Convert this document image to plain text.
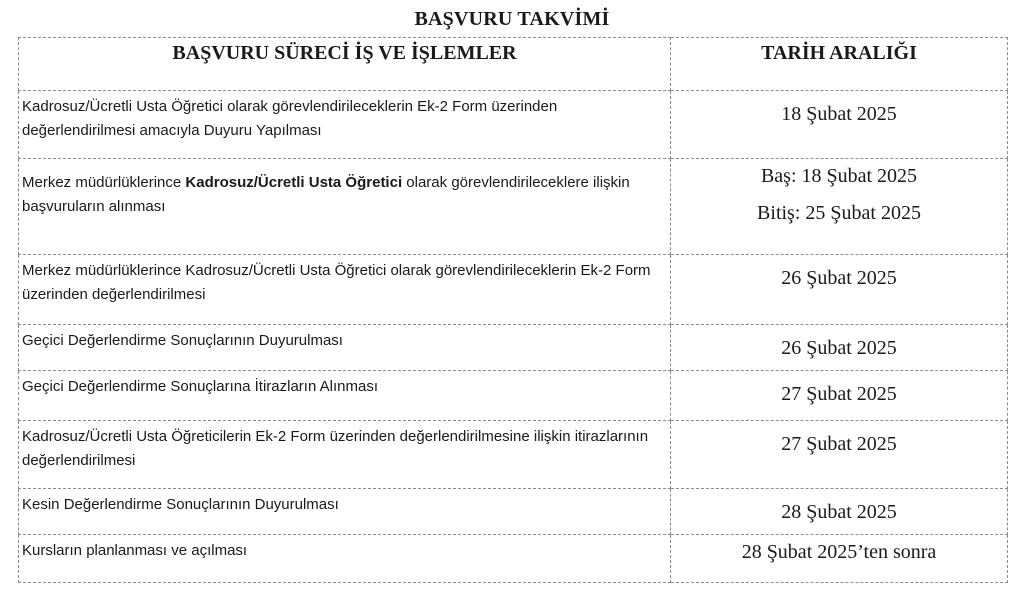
BAŞVURU TAKVİMİ
BAŞVURU SÜRECİ İŞ VE İŞLEMLER	TARİH ARALIĞI
Kadrosuz/Ücretli Usta Öğretici olarak görevlendirileceklerin Ek-2 Form üzerinden değerlendirilmesi amacıyla Duyuru Yapılması	18 Şubat 2025
Merkez müdürlüklerince Kadrosuz/Ücretli Usta Öğretici olarak görevlendirileceklere ilişkin başvuruların alınması	Baş: 18 Şubat 2025
Bitiş: 25 Şubat 2025

Merkez müdürlüklerince Kadrosuz/Ücretli Usta Öğretici olarak görevlendirileceklerin Ek-2 Form üzerinden değerlendirilmesi	26 Şubat 2025
Geçici Değerlendirme Sonuçlarının Duyurulması	26 Şubat 2025
Geçici Değerlendirme Sonuçlarına İtirazların Alınması	27 Şubat 2025
Kadrosuz/Ücretli Usta Öğreticilerin Ek-2 Form üzerinden değerlendirilmesine ilişkin itirazlarının değerlendirilmesi	27 Şubat 2025
Kesin Değerlendirme Sonuçlarının Duyurulması	28 Şubat 2025
Kursların planlanması ve açılması	28 Şubat 2025’ten sonra
